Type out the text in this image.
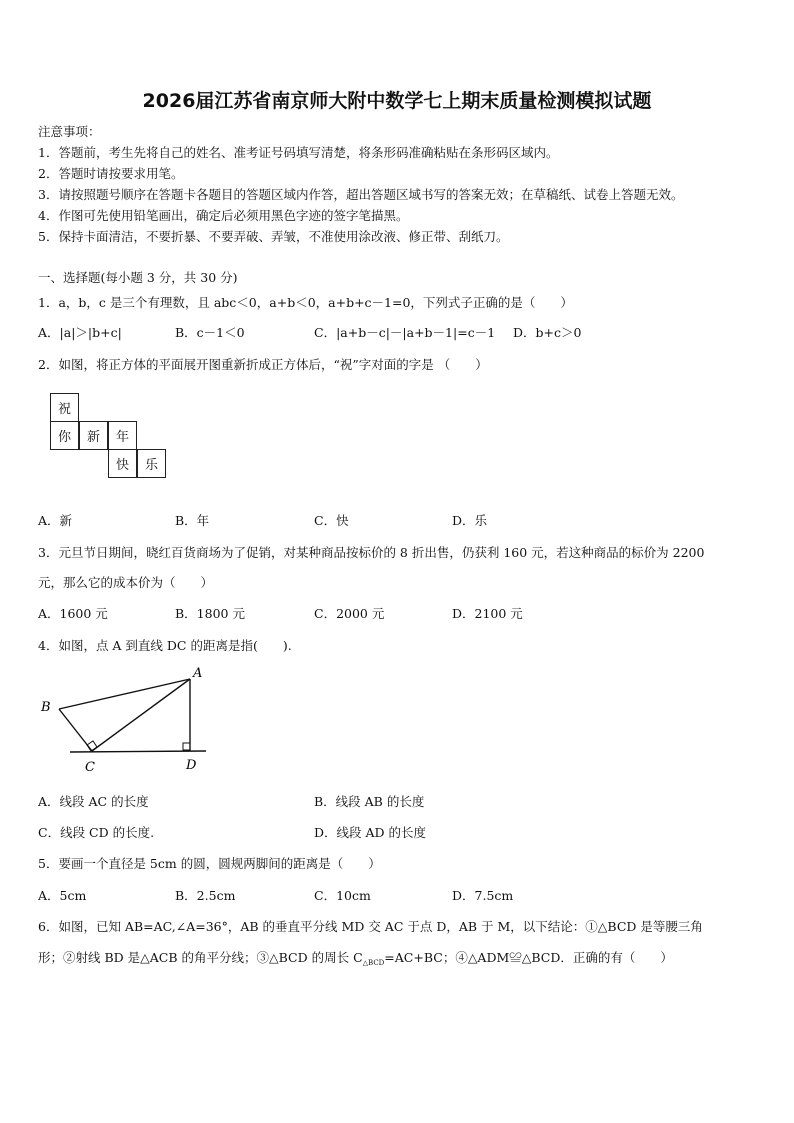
2026届江苏省南京师大附中数学七上期末质量检测模拟试题
注意事项：
1．答题前，考生先将自己的姓名、准考证号码填写清楚，将条形码准确粘贴在条形码区域内。
2．答题时请按要求用笔。
3．请按照题号顺序在答题卡各题目的答题区域内作答，超出答题区域书写的答案无效；在草稿纸、试卷上答题无效。
4．作图可先使用铅笔画出，确定后必须用黑色字迹的签字笔描黑。
5．保持卡面清洁，不要折暴、不要弄破、弄皱，不准使用涂改液、修正带、刮纸刀。
一、选择题(每小题 3 分，共 30 分)
1．a，b，c 是三个有理数，且 abc＜0，a+b＜0，a+b+c－1=0，下列式子正确的是（　　）
A．|a|＞|b+c|	B．c－1＜0	C．|a+b－c|－|a+b－1|=c－1 D．b+c＞0
2．如图，将正方体的平面展开图重新折成正方体后，“祝”字对面的字是 （　　）
祝
你	新	年
快	乐
A．新	B．年	C．快	D．乐
3．元旦节日期间，晓红百货商场为了促销，对某种商品按标价的 8 折出售，仍获利 160 元，若这种商品的标价为 2200
元，那么它的成本价为（　　）
A．1600 元	B．1800 元	C．2000 元	D．2100 元
4．如图，点 A 到直线 DC 的距离是指(　　).
A
B
C	D
A．线段 AC 的长度	B．线段 AB 的长度
C．线段 CD 的长度.	D．线段 AD 的长度
5．要画一个直径是 5cm 的圆，圆规两脚间的距离是（　　）
A．5cm	B．2.5cm	C．10cm	D．7.5cm
6．如图，已知 AB=AC,∠A=36°，AB 的垂直平分线 MD 交 AC 于点 D，AB 于 M，以下结论：①△BCD 是等腰三角
形；②射线 BD 是△ACB 的角平分线；③△BCD 的周长 $C_{\triangle BCD}=AC+BC$；④△ADM≌△BCD．正确的有（　　）
